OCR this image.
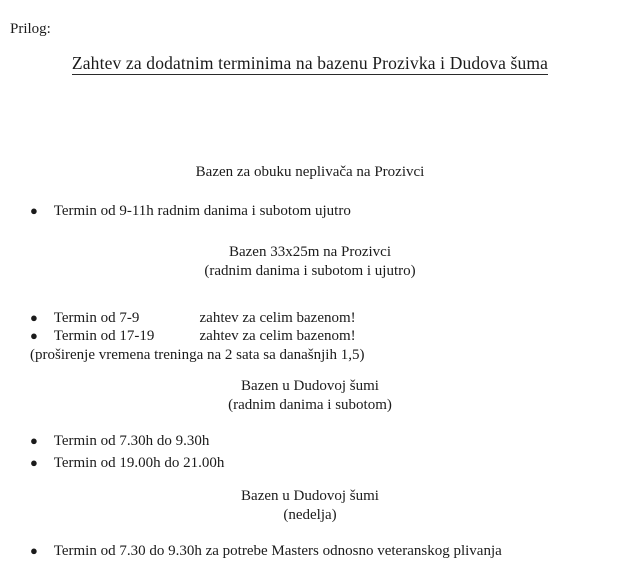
Prilog:
Zahtev za dodatnim terminima na bazenu Prozivka i Dudova šuma
Bazen za obuku neplivača na Prozivci
● Termin od 9-11h radnim danima i subotom ujutro
Bazen 33x25m na Prozivci
(radnim danima i subotom i ujutro)
● Termin od 7-9	zahtev za celim bazenom!
● Termin od 17-19	zahtev za celim bazenom!
(proširenje vremena treninga na 2 sata sa današnjih 1,5)
Bazen u Dudovoj šumi
(radnim danima i subotom)
● Termin od 7.30h do 9.30h
● Termin od 19.00h do 21.00h
Bazen u Dudovoj šumi
(nedelja)
● Termin od 7.30 do 9.30h za potrebe Masters odnosno veteranskog plivanja
